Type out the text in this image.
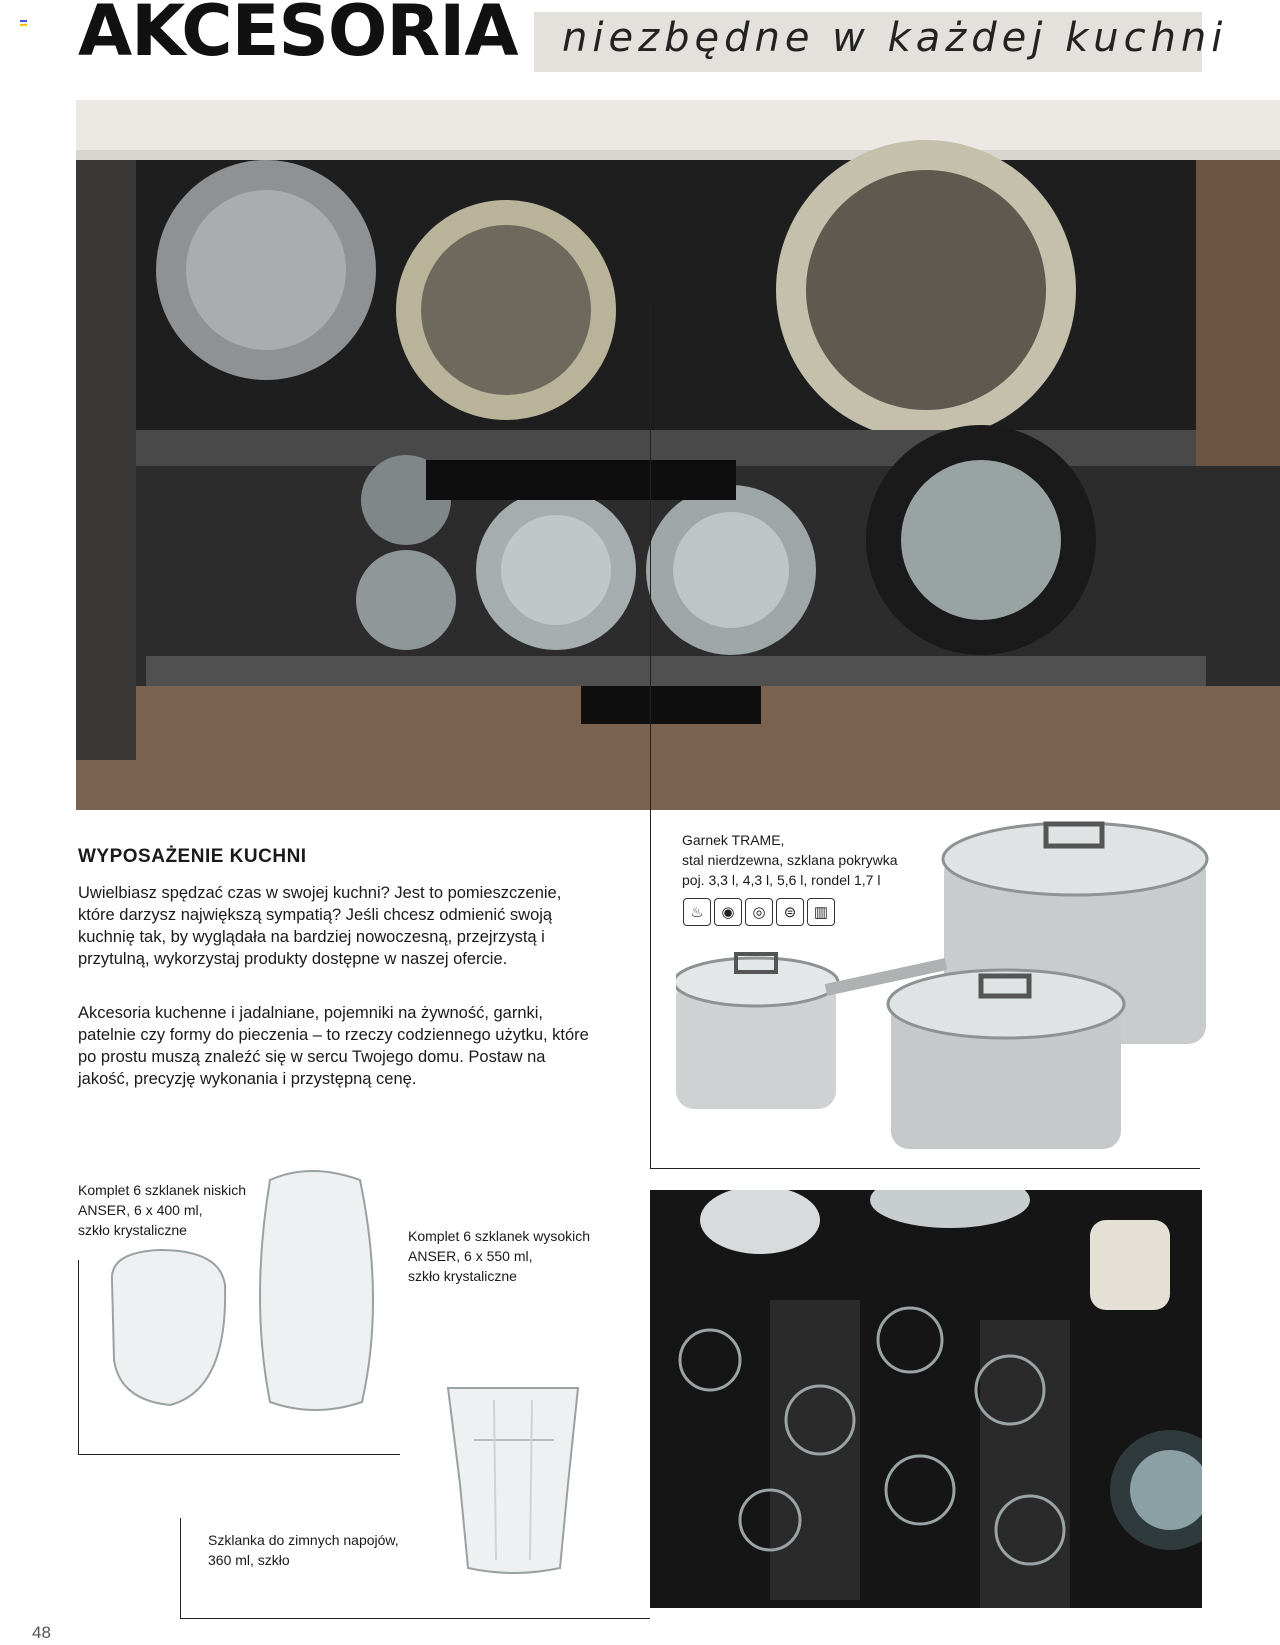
AKCESORIA niezbędne w każdej kuchni
WYPOSAŻENIE KUCHNI

Uwielbiasz spędzać czas w swojej kuchni? Jest to pomieszczenie, które darzysz największą sympatią? Jeśli chcesz odmienić swoją kuchnię tak, by wyglądała na bardziej nowoczesną, przejrzystą i przytulną, wykorzystaj produkty dostępne w naszej ofercie.

Akcesoria kuchenne i jadalniane, pojemniki na żywność, garnki, patelnie czy formy do pieczenia – to rzeczy codziennego użytku, które po prostu muszą znaleźć się w sercu Twojego domu. Postaw na jakość, precyzję wykonania i przystępną cenę.

Garnek TRAME,
stal nierdzewna, szklana pokrywka
poj. 3,3 l, 4,3 l, 5,6 l, rondel 1,7 l
♨	◉	◎	⊜	▥
Komplet 6 szklanek niskich
ANSER, 6 x 400 ml,
szkło krystaliczne	Komplet 6 szklanek wysokich
ANSER, 6 x 550 ml,
szkło krystaliczne
Szklanka do zimnych napojów,
360 ml, szkło
48
